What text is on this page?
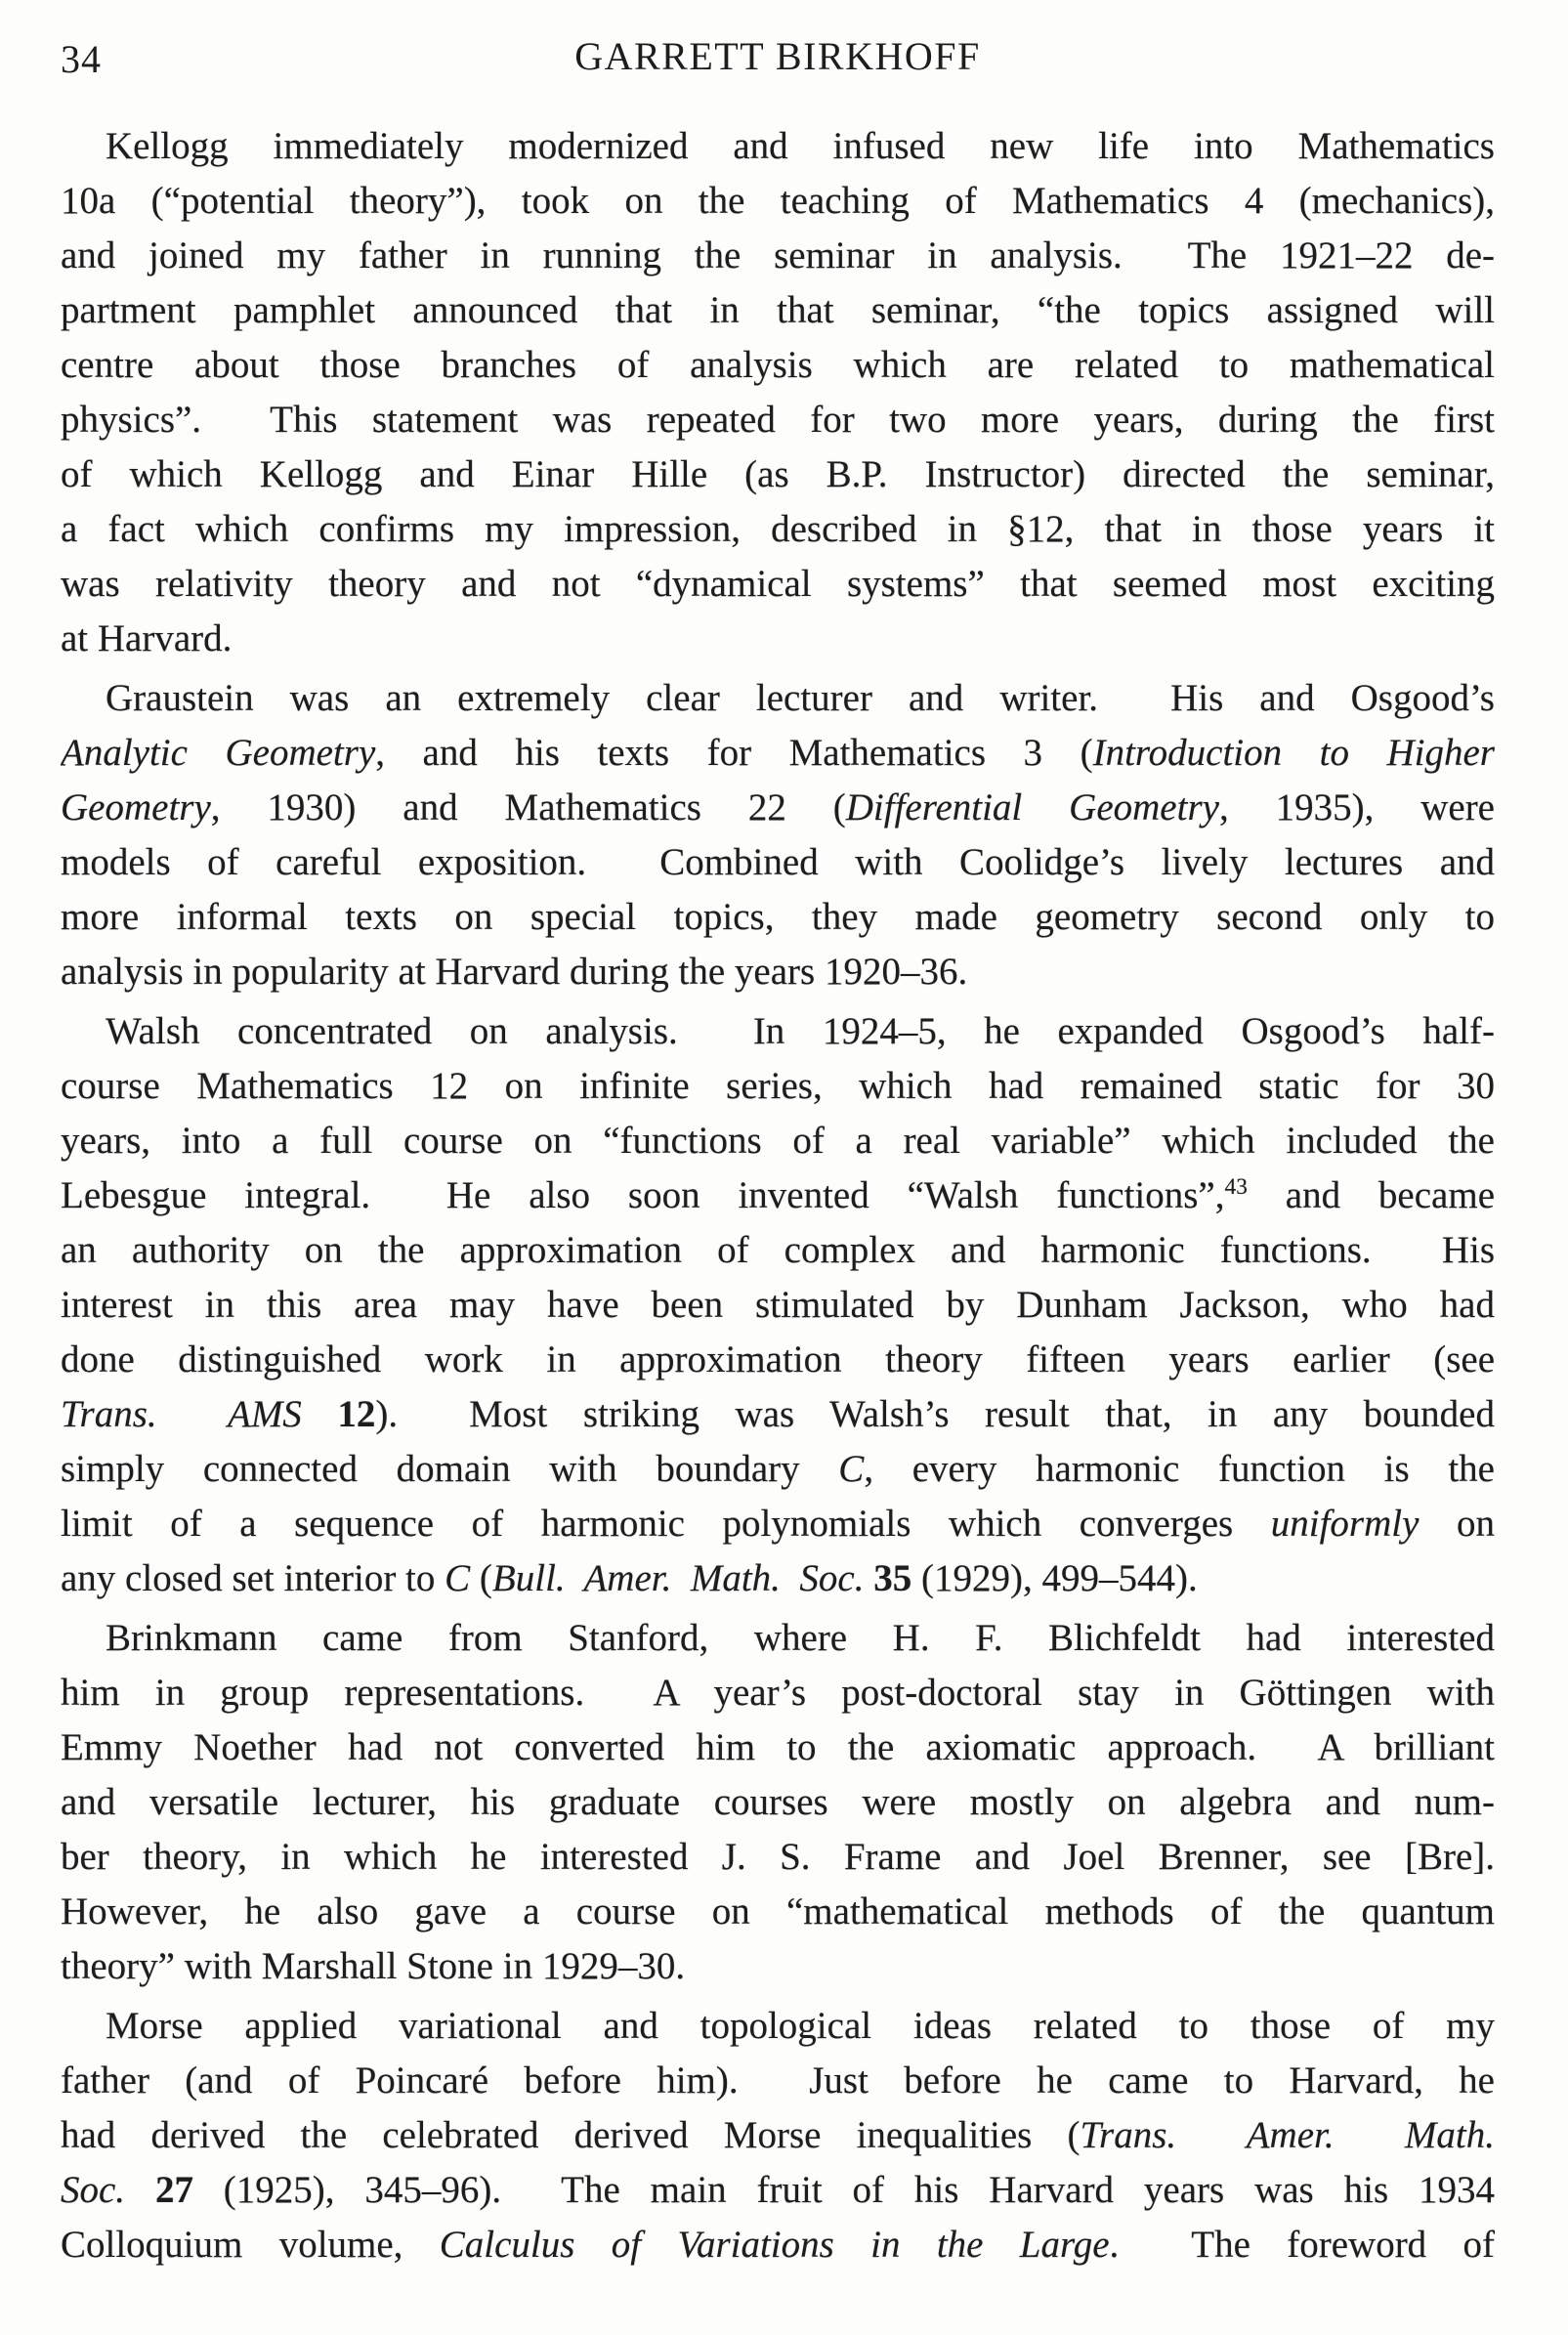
34	GARRETT BIRKHOFF
Kellogg immediately modernized and infused new life into Mathematics
10a (“potential theory”), took on the teaching of Mathematics 4 (mechanics),
and joined my father in running the seminar in analysis.  The 1921–22 de-
partment pamphlet announced that in that seminar, “the topics assigned will
centre about those branches of analysis which are related to mathematical
physics”.  This statement was repeated for two more years, during the first
of which Kellogg and Einar Hille (as B.P. Instructor) directed the seminar,
a fact which confirms my impression, described in §12, that in those years it
was relativity theory and not “dynamical systems” that seemed most exciting
at Harvard.
Graustein was an extremely clear lecturer and writer.  His and Osgood’s
Analytic Geometry, and his texts for Mathematics 3 (Introduction to Higher
Geometry, 1930) and Mathematics 22 (Differential Geometry, 1935), were
models of careful exposition.  Combined with Coolidge’s lively lectures and
more informal texts on special topics, they made geometry second only to
analysis in popularity at Harvard during the years 1920–36.
Walsh concentrated on analysis.  In 1924–5, he expanded Osgood’s half-
course Mathematics 12 on infinite series, which had remained static for 30
years, into a full course on “functions of a real variable” which included the
Lebesgue integral.  He also soon invented “Walsh functions”,$^{43}$ and became
an authority on the approximation of complex and harmonic functions.  His
interest in this area may have been stimulated by Dunham Jackson, who had
done distinguished work in approximation theory fifteen years earlier (see
Trans.  AMS 12).  Most striking was Walsh’s result that, in any bounded
simply connected domain with boundary C, every harmonic function is the
limit of a sequence of harmonic polynomials which converges uniformly on
any closed set interior to C (Bull.  Amer.  Math.  Soc. 35 (1929), 499–544).
Brinkmann came from Stanford, where H. F. Blichfeldt had interested
him in group representations.  A year’s post-doctoral stay in Göttingen with
Emmy Noether had not converted him to the axiomatic approach.  A brilliant
and versatile lecturer, his graduate courses were mostly on algebra and num-
ber theory, in which he interested J. S. Frame and Joel Brenner, see [Bre].
However, he also gave a course on “mathematical methods of the quantum
theory” with Marshall Stone in 1929–30.
Morse applied variational and topological ideas related to those of my
father (and of Poincaré before him).  Just before he came to Harvard, he
had derived the celebrated derived Morse inequalities (Trans.  Amer.  Math.
Soc. 27 (1925), 345–96).  The main fruit of his Harvard years was his 1934
Colloquium volume, Calculus of Variations in the Large.  The foreword of
